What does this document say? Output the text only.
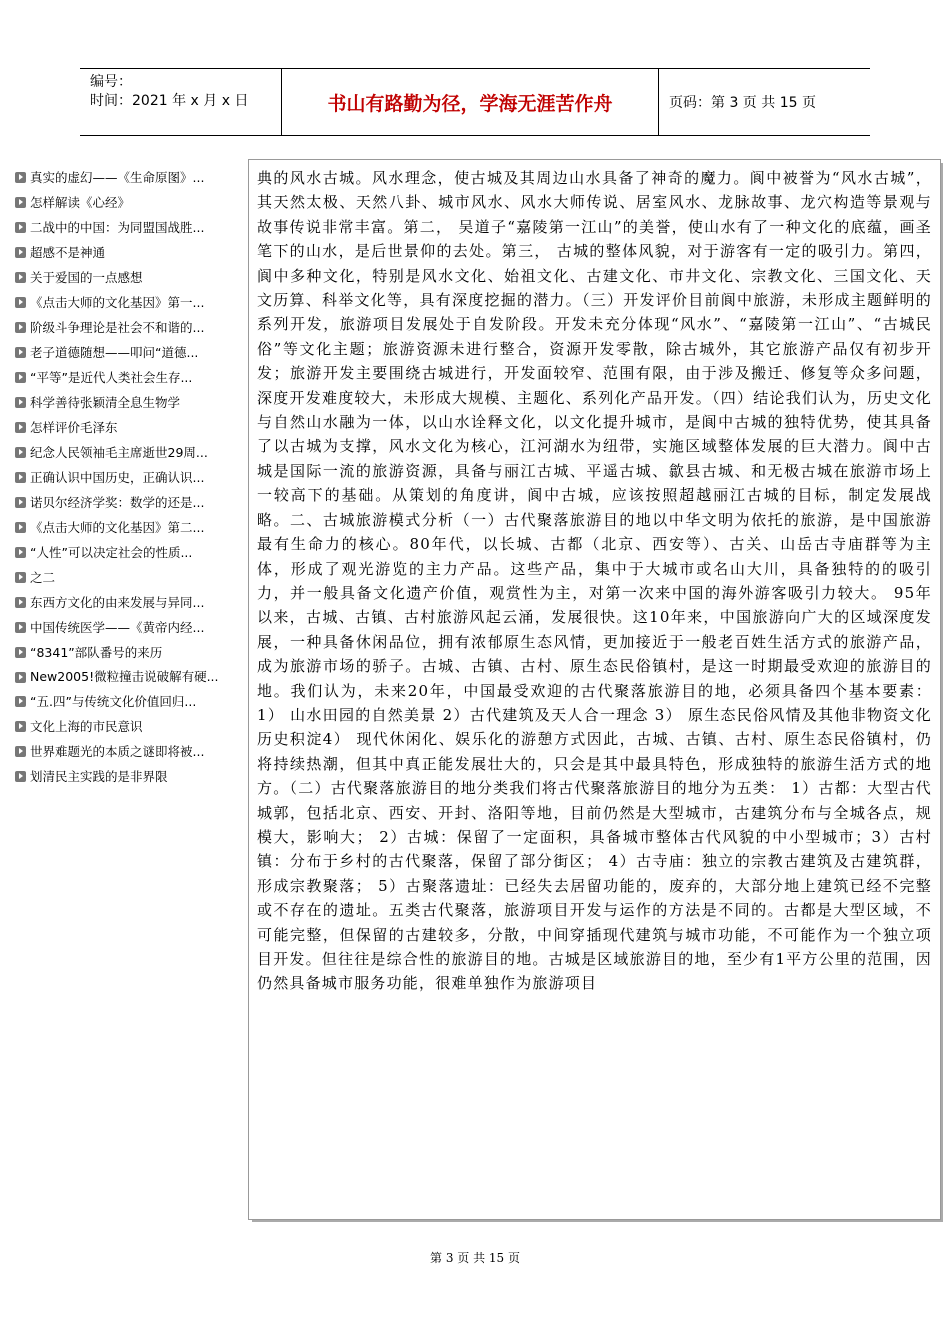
编号：
时间：2021 年 x 月 x 日	书山有路勤为径，学海无涯苦作舟	页码：第 3 页 共 15 页
真实的虚幻——《生命原图》...
怎样解读《心经》
二战中的中国：为同盟国战胜...
超感不是神通
关于爱国的一点感想
《点击大师的文化基因》第一...
阶级斗争理论是社会不和谐的...
老子道德随想——叩问“道德...
“平等”是近代人类社会生存...
科学善待张颖清全息生物学
怎样评价毛泽东
纪念人民领袖毛主席逝世29周...
正确认识中国历史，正确认识...
诺贝尔经济学奖：数学的还是...
《点击大师的文化基因》第二...
“人性”可以决定社会的性质...
之二
东西方文化的由来发展与异同...
中国传统医学——《黄帝内经...
“8341”部队番号的来历
New2005!微粒撞击说破解有硬...
“五.四”与传统文化价值回归...
文化上海的市民意识
世界难题光的本质之谜即将被...
划清民主实践的是非界限
典的风水古城。风水理念，使古城及其周边山水具备了神奇的魔力。阆中被誉为“风水古城”，其天然太极、天然八卦、城市风水、风水大师传说、居室风水、龙脉故事、龙穴构造等景观与故事传说非常丰富。第二， 吴道子“嘉陵第一江山”的美誉，使山水有了一种文化的底蕴，画圣笔下的山水，是后世景仰的去处。第三， 古城的整体风貌，对于游客有一定的吸引力。第四， 阆中多种文化，特别是风水文化、始祖文化、古建文化、市井文化、宗教文化、三国文化、天文历算、科举文化等，具有深度挖掘的潜力。（三）开发评价目前阆中旅游，未形成主题鲜明的系列开发，旅游项目发展处于自发阶段。开发未充分体现“风水”、“嘉陵第一江山”、“古城民俗”等文化主题；旅游资源未进行整合，资源开发零散，除古城外，其它旅游产品仅有初步开发；旅游开发主要围绕古城进行，开发面较窄、范围有限，由于涉及搬迁、修复等众多问题，深度开发难度较大，未形成大规模、主题化、系列化产品开发。（四）结论我们认为，历史文化与自然山水融为一体，以山水诠释文化，以文化提升城市，是阆中古城的独特优势，使其具备了以古城为支撑，风水文化为核心，江河湖水为纽带，实施区域整体发展的巨大潜力。阆中古城是国际一流的旅游资源，具备与丽江古城、平遥古城、歙县古城、和无极古城在旅游市场上一较高下的基础。从策划的角度讲，阆中古城，应该按照超越丽江古城的目标，制定发展战略。二、古城旅游模式分析（一）古代聚落旅游目的地以中华文明为依托的旅游，是中国旅游最有生命力的核心。80年代，以长城、古都（北京、西安等）、古关、山岳古寺庙群等为主体，形成了观光游览的主力产品。这些产品，集中于大城市或名山大川，具备独特的的吸引力，并一般具备文化遗产价值，观赏性为主，对第一次来中国的海外游客吸引力较大。 95年以来，古城、古镇、古村旅游风起云涌，发展很快。这10年来，中国旅游向广大的区域深度发展，一种具备休闲品位，拥有浓郁原生态风情，更加接近于一般老百姓生活方式的旅游产品，成为旅游市场的骄子。古城、古镇、古村、原生态民俗镇村，是这一时期最受欢迎的旅游目的地。我们认为，未来20年，中国最受欢迎的古代聚落旅游目的地，必须具备四个基本要素： 1） 山水田园的自然美景 2）古代建筑及天人合一理念 3） 原生态民俗风情及其他非物资文化历史积淀4） 现代休闲化、娱乐化的游憩方式因此，古城、古镇、古村、原生态民俗镇村，仍将持续热潮，但其中真正能发展壮大的，只会是其中最具特色，形成独特的旅游生活方式的地方。（二）古代聚落旅游目的地分类我们将古代聚落旅游目的地分为五类： 1）古都：大型古代城郭，包括北京、西安、开封、洛阳等地，目前仍然是大型城市，古建筑分布与全城各点，规模大，影响大； 2）古城：保留了一定面积，具备城市整体古代风貌的中小型城市；3）古村镇：分布于乡村的古代聚落，保留了部分街区； 4）古寺庙：独立的宗教古建筑及古建筑群，形成宗教聚落； 5）古聚落遗址：已经失去居留功能的，废弃的，大部分地上建筑已经不完整或不存在的遗址。五类古代聚落，旅游项目开发与运作的方法是不同的。古都是大型区域，不可能完整，但保留的古建较多，分散，中间穿插现代建筑与城市功能，不可能作为一个独立项目开发。但往往是综合性的旅游目的地。古城是区域旅游目的地，至少有1平方公里的范围，因仍然具备城市服务功能，很难单独作为旅游项目
第 3 页 共 15 页
